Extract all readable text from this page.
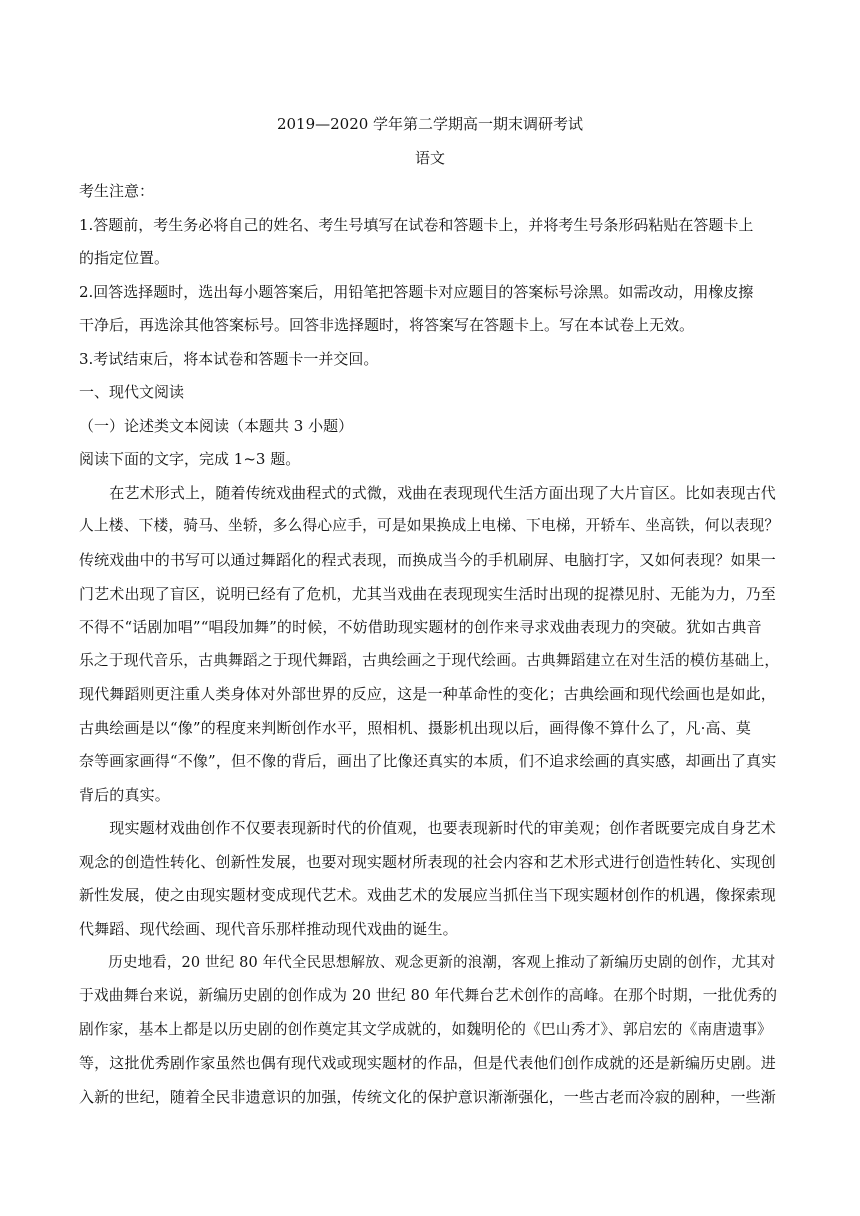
2019—2020 学年第二学期高一期末调研考试
语文
考生注意：
1.答题前，考生务必将自己的姓名、考生号填写在试卷和答题卡上，并将考生号条形码粘贴在答题卡上
的指定位置。
2.回答选择题时，选出每小题答案后，用铅笔把答题卡对应题目的答案标号涂黑。如需改动，用橡皮擦
干净后，再选涂其他答案标号。回答非选择题时，将答案写在答题卡上。写在本试卷上无效。
3.考试结束后，将本试卷和答题卡一并交回。
一、现代文阅读
（一）论述类文本阅读（本题共 3 小题）
阅读下面的文字，完成 1~3 题。
　　在艺术形式上，随着传统戏曲程式的式微，戏曲在表现现代生活方面出现了大片盲区。比如表现古代
人上楼、下楼，骑马、坐轿，多么得心应手，可是如果换成上电梯、下电梯，开轿车、坐高铁，何以表现？
传统戏曲中的书写可以通过舞蹈化的程式表现，而换成当今的手机刷屏、电脑打字，又如何表现？如果一
门艺术出现了盲区，说明已经有了危机，尤其当戏曲在表现现实生活时出现的捉襟见肘、无能为力，乃至
不得不“话剧加唱”“唱段加舞”的时候，不妨借助现实题材的创作来寻求戏曲表现力的突破。犹如古典音
乐之于现代音乐，古典舞蹈之于现代舞蹈，古典绘画之于现代绘画。古典舞蹈建立在对生活的模仿基础上，
现代舞蹈则更注重人类身体对外部世界的反应，这是一种革命性的变化；古典绘画和现代绘画也是如此，
古典绘画是以“像”的程度来判断创作水平，照相机、摄影机出现以后，画得像不算什么了，凡·高、莫
奈等画家画得“不像”，但不像的背后，画出了比像还真实的本质，们不追求绘画的真实感，却画出了真实
背后的真实。
　　现实题材戏曲创作不仅要表现新时代的价值观，也要表现新时代的审美观；创作者既要完成自身艺术
观念的创造性转化、创新性发展，也要对现实题材所表现的社会内容和艺术形式进行创造性转化、实现创
新性发展，使之由现实题材变成现代艺术。戏曲艺术的发展应当抓住当下现实题材创作的机遇，像探索现
代舞蹈、现代绘画、现代音乐那样推动现代戏曲的诞生。
　　历史地看，20 世纪 80 年代全民思想解放、观念更新的浪潮，客观上推动了新编历史剧的创作，尤其对
于戏曲舞台来说，新编历史剧的创作成为 20 世纪 80 年代舞台艺术创作的高峰。在那个时期，一批优秀的
剧作家，基本上都是以历史剧的创作奠定其文学成就的，如魏明伦的《巴山秀才》、郭启宏的《南唐遗事》
等，这批优秀剧作家虽然也偶有现代戏或现实题材的作品，但是代表他们创作成就的还是新编历史剧。进
入新的世纪，随着全民非遗意识的加强，传统文化的保护意识渐渐强化，一些古老而冷寂的剧种，一些渐
